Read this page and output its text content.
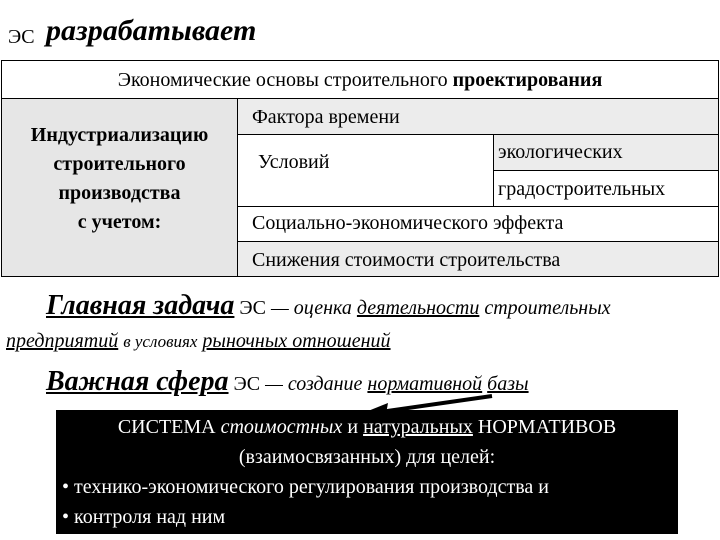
ЭС разрабатывает
Экономические основы строительного проектирования
Индустриализацию
строительного
производства
с учетом:
Фактора времени
Условий	экологических
градостроительных
Социально-экономического эффекта
Снижения стоимости строительства
Главная задача ЭС — оценка деятельности строительных
предприятий в условиях рыночных отношений
Важная сфера ЭС — создание нормативной базы
СИСТЕМА стоимостных и натуральных НОРМАТИВОВ
(взаимосвязанных) для целей:
• технико-экономического регулирования производства и
• контроля над ним
